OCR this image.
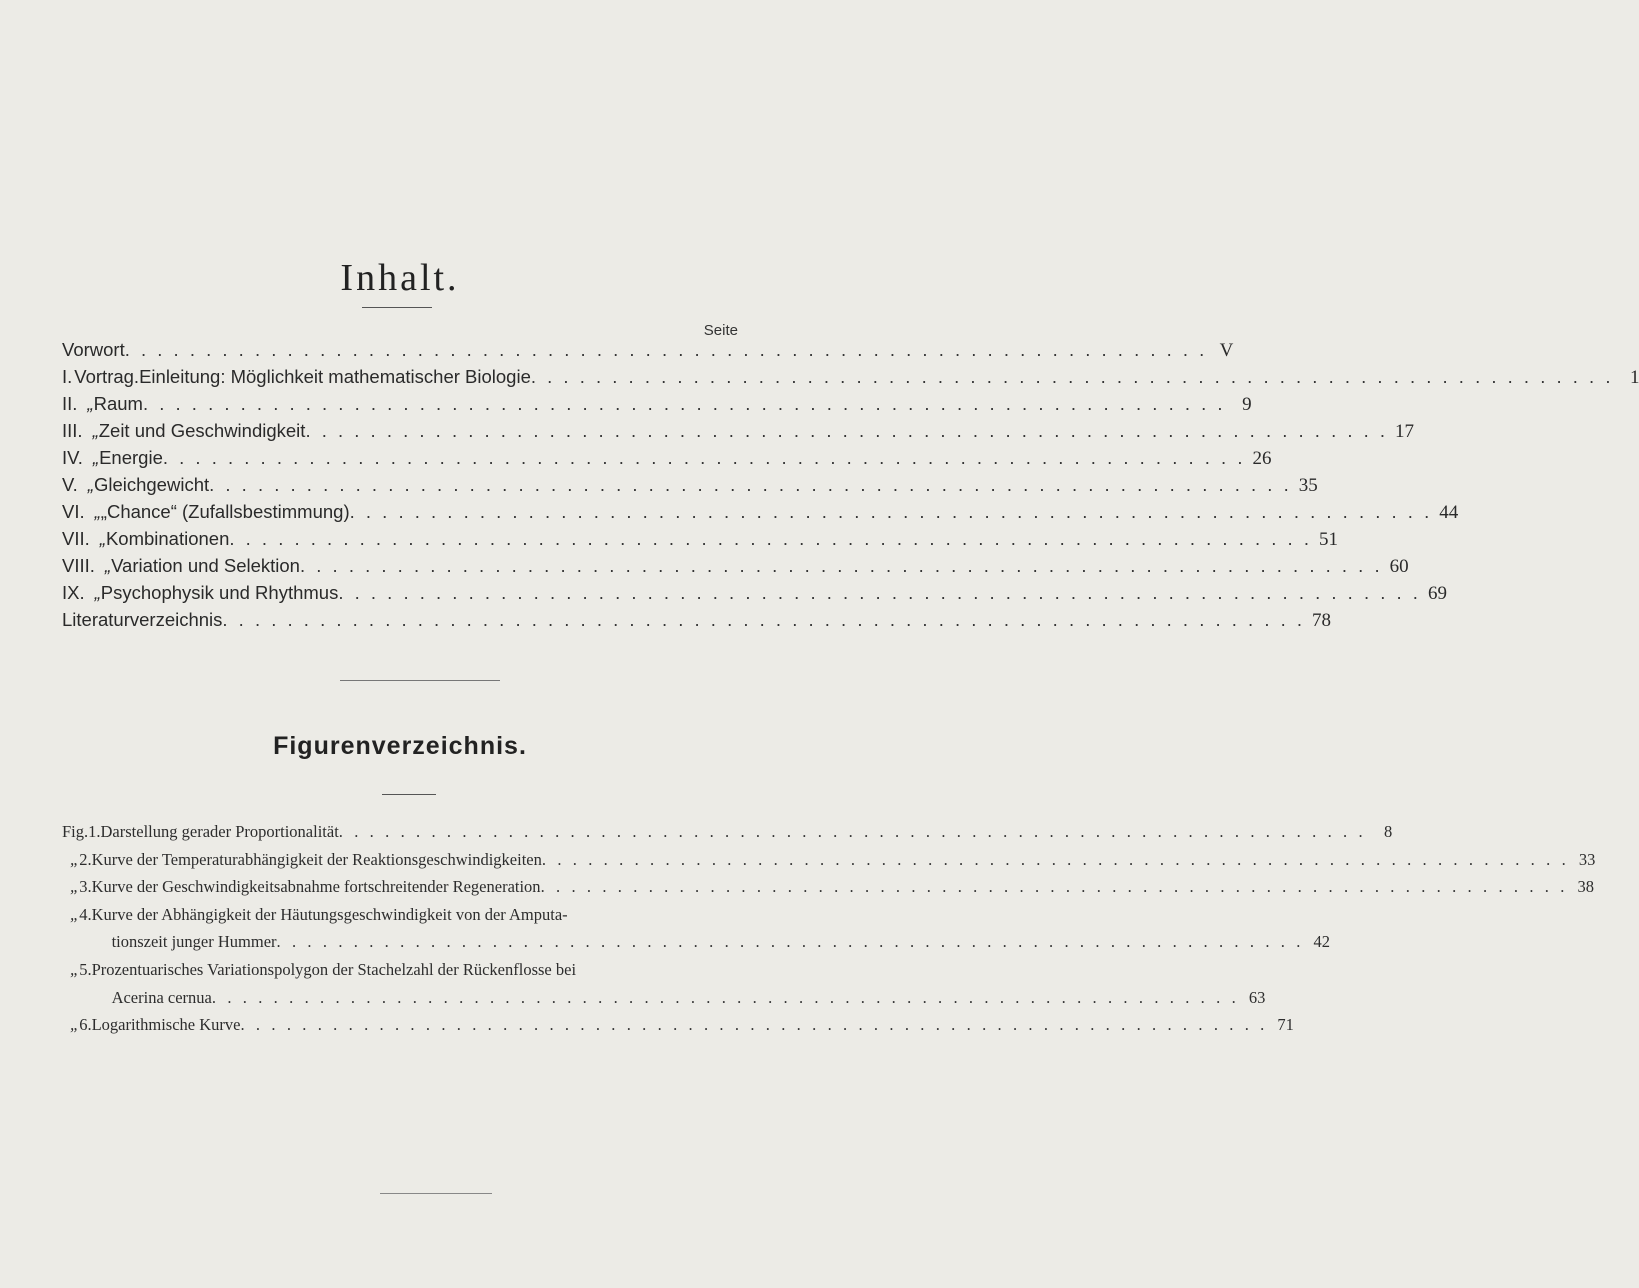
Inhalt.
Seite
Vorwort . . .	V
I. Vortrag. Einleitung: Möglichkeit mathematischer Biologie . . .	1
II. „ Raum . . .	9
III. „ Zeit und Geschwindigkeit . . .	17
IV. „ Energie . . .	26
V. „ Gleichgewicht . . .	35
VI. „ „Chance“ (Zufallsbestimmung) . . .	44
VII. „ Kombinationen . . .	51
VIII. „ Variation und Selektion . . .	60
IX. „ Psychophysik und Rhythmus . . .	69
Literaturverzeichnis . . .	78
Figurenverzeichnis.
Fig. 1. Darstellung gerader Proportionalität . . .	8
„ 2. Kurve der Temperaturabhängigkeit der Reaktionsgeschwindigkeiten . . .	33
„ 3. Kurve der Geschwindigkeitsabnahme fortschreitender Regeneration . . .	38
„ 4. Kurve der Abhängigkeit der Häutungsgeschwindigkeit von der Amputa-
tionszeit junger Hummer . . .	42
„ 5. Prozentuarisches Variationspolygon der Stachelzahl der Rückenflosse bei
Acerina cernua . . .	63
„ 6. Logarithmische Kurve . . .	71
